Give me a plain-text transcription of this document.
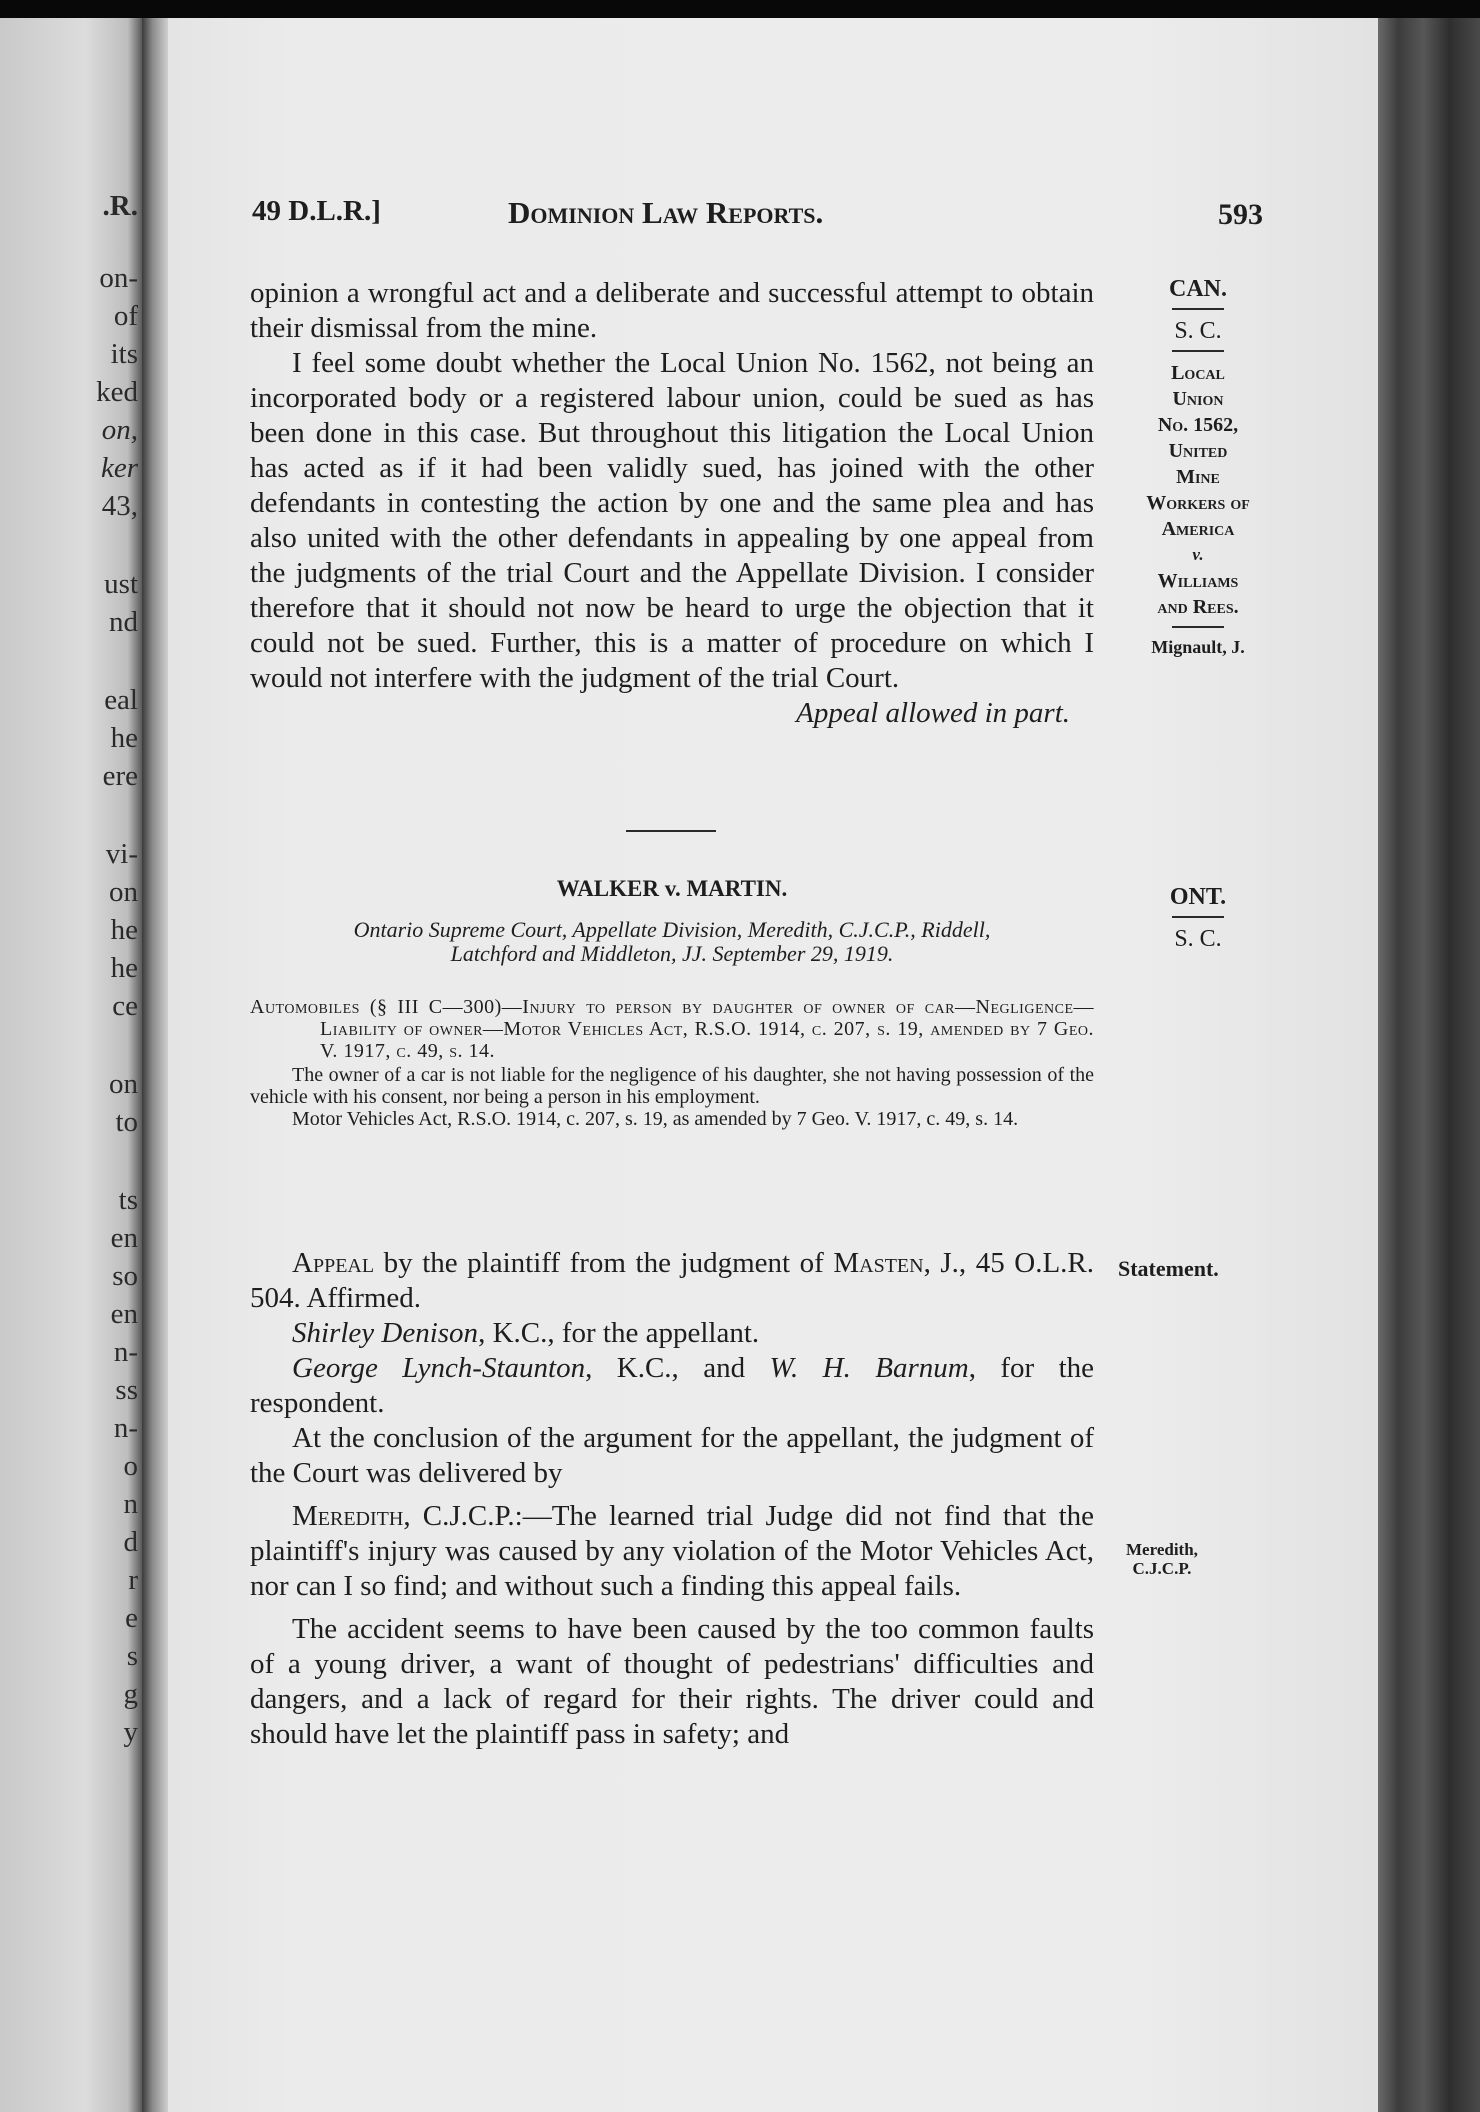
.R.
on-
of
its
ked
on,
ker
43,
ust
nd
eal
he
ere
vi-
on
he
he
ce
on
to
ts
en
so
en
n-
ss
n-
o
n
d
r
e
s
g
y
49 D.L.R.]	Dominion Law Reports.	593

opinion a wrongful act and a deliberate and successful attempt to obtain their dismissal from the mine.

I feel some doubt whether the Local Union No. 1562, not being an incorporated body or a registered labour union, could be sued as has been done in this case. But throughout this litigation the Local Union has acted as if it had been validly sued, has joined with the other defendants in contesting the action by one and the same plea and has also united with the other defendants in appealing by one appeal from the judgments of the trial Court and the Appellate Division. I consider therefore that it should not now be heard to urge the objection that it could not be sued. Further, this is a matter of procedure on which I would not interfere with the judgment of the trial Court.
Appeal allowed in part.

CAN.
S. C.
Local
Union
No. 1562,
United
Mine
Workers of
America
v.
Williams
and Rees.
Mignault, J.
WALKER v. MARTIN.
Ontario Supreme Court, Appellate Division, Meredith, C.J.C.P., Riddell,
Latchford and Middleton, JJ. September 29, 1919.
ONT.
S. C.

Automobiles (§ III C—300)—Injury to person by daughter of owner of car—Negligence—Liability of owner—Motor Vehicles Act, R.S.O. 1914, c. 207, s. 19, amended by 7 Geo. V. 1917, c. 49, s. 14.

The owner of a car is not liable for the negligence of his daughter, she not having possession of the vehicle with his consent, nor being a person in his employment.

Motor Vehicles Act, R.S.O. 1914, c. 207, s. 19, as amended by 7 Geo. V. 1917, c. 49, s. 14.

Appeal by the plaintiff from the judgment of Masten, J., 45 O.L.R. 504. Affirmed.

Shirley Denison, K.C., for the appellant.

George Lynch-Staunton, K.C., and W. H. Barnum, for the respondent.

At the conclusion of the argument for the appellant, the judgment of the Court was delivered by

Meredith, C.J.C.P.:—The learned trial Judge did not find that the plaintiff's injury was caused by any violation of the Motor Vehicles Act, nor can I so find; and without such a finding this appeal fails.

The accident seems to have been caused by the too common faults of a young driver, a want of thought of pedestrians' difficulties and dangers, and a lack of regard for their rights. The driver could and should have let the plaintiff pass in safety; and

Statement.
Meredith,
C.J.C.P.
